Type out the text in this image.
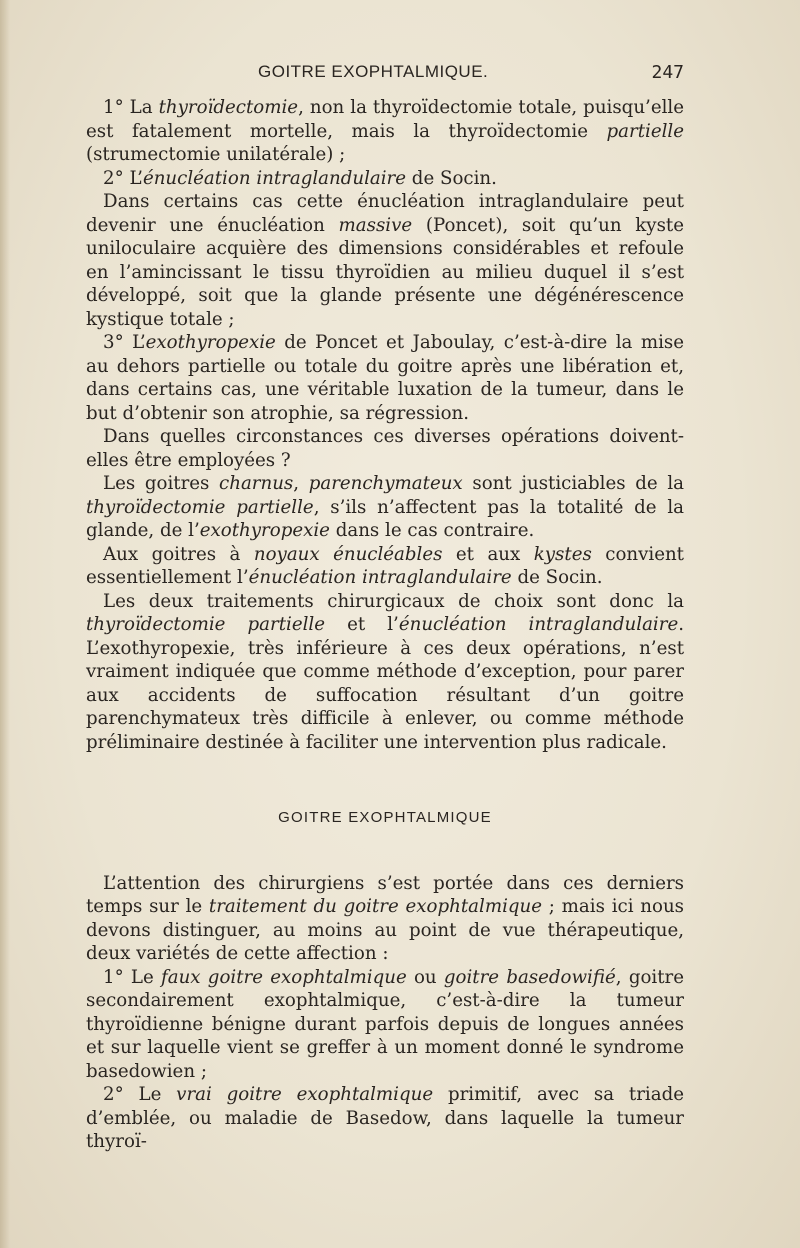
GOITRE EXOPHTALMIQUE.	247

1° La thyroïdectomie, non la thyroïdectomie totale, puisqu’elle est fatalement mortelle, mais la thyroïdectomie partielle (strumectomie unilatérale) ;

2° L’énucléation intraglandulaire de Socin.

Dans certains cas cette énucléation intraglandulaire peut devenir une énucléation massive (Poncet), soit qu’un kyste uniloculaire acquière des dimensions considérables et refoule en l’amincissant le tissu thyroïdien au milieu duquel il s’est développé, soit que la glande présente une dégénérescence kystique totale ;

3° L’exothyropexie de Poncet et Jaboulay, c’est-à-dire la mise au dehors partielle ou totale du goitre après une libération et, dans certains cas, une véritable luxation de la tumeur, dans le but d’obtenir son atrophie, sa régression.

Dans quelles circonstances ces diverses opérations doivent-elles être employées ?

Les goitres charnus, parenchymateux sont justiciables de la thyroïdectomie partielle, s’ils n’affectent pas la totalité de la glande, de l’exothyropexie dans le cas contraire.

Aux goitres à noyaux énucléables et aux kystes convient essentiellement l’énucléation intraglandulaire de Socin.

Les deux traitements chirurgicaux de choix sont donc la thyroïdectomie partielle et l’énucléation intraglandulaire. L’exothyropexie, très inférieure à ces deux opérations, n’est vraiment indiquée que comme méthode d’exception, pour parer aux accidents de suffocation résultant d’un goitre parenchymateux très difficile à enlever, ou comme méthode préliminaire destinée à faciliter une intervention plus radicale.

GOITRE EXOPHTALMIQUE

L’attention des chirurgiens s’est portée dans ces derniers temps sur le traitement du goitre exophtalmique ; mais ici nous devons distinguer, au moins au point de vue thérapeutique, deux variétés de cette affection :

1° Le faux goitre exophtalmique ou goitre basedowifié, goitre secondairement exophtalmique, c’est-à-dire la tumeur thyroïdienne bénigne durant parfois depuis de longues années et sur laquelle vient se greffer à un moment donné le syndrome basedowien ;

2° Le vrai goitre exophtalmique primitif, avec sa triade d’emblée, ou maladie de Basedow, dans laquelle la tumeur thyroï-
